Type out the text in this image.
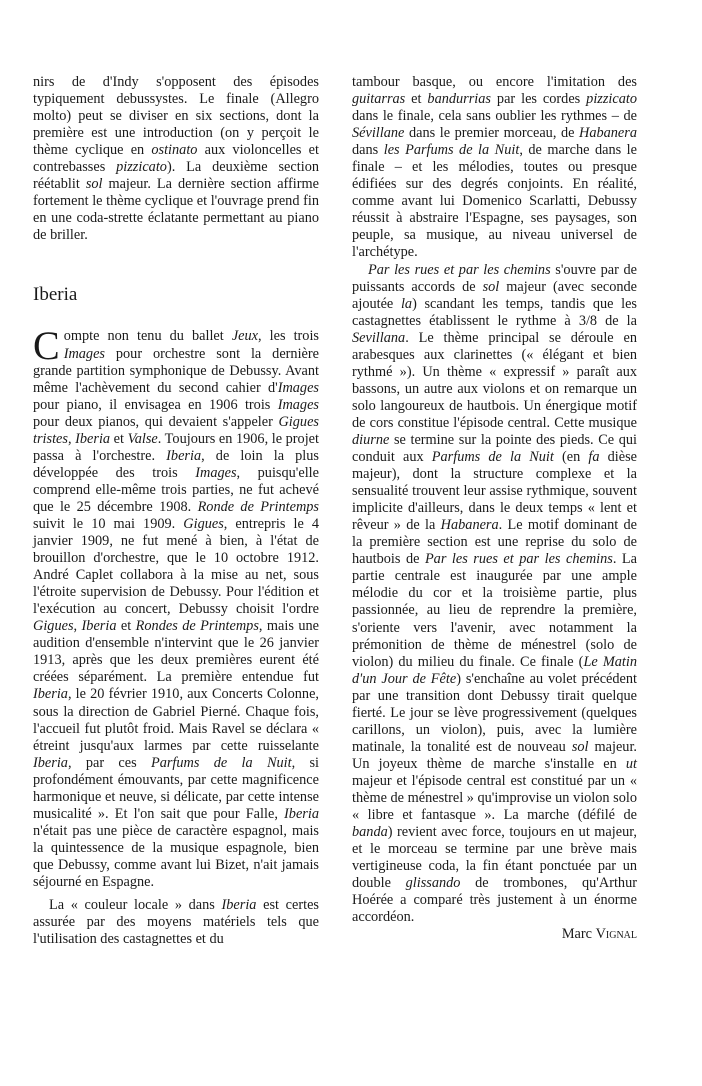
nirs de d'Indy s'opposent des épisodes typiquement debussystes. Le finale (Allegro molto) peut se diviser en six sections, dont la première est une introduction (on y perçoit le thème cyclique en ostinato aux violoncelles et contrebasses pizzicato). La deuxième section réétablit sol majeur. La dernière section affirme fortement le thème cyclique et l'ouvrage prend fin en une coda-strette éclatante permettant au piano de briller.

Iberia

Compte non tenu du ballet Jeux, les trois Images pour orchestre sont la dernière grande partition symphonique de Debussy. Avant même l'achèvement du second cahier d'Images pour piano, il envisagea en 1906 trois Images pour deux pianos, qui devaient s'appeler Gigues tristes, Iberia et Valse. Toujours en 1906, le projet passa à l'orchestre. Iberia, de loin la plus développée des trois Images, puisqu'elle comprend elle-même trois parties, ne fut achevé que le 25 décembre 1908. Ronde de Printemps suivit le 10 mai 1909. Gigues, entrepris le 4 janvier 1909, ne fut mené à bien, à l'état de brouillon d'orchestre, que le 10 octobre 1912. André Caplet collabora à la mise au net, sous l'étroite supervision de Debussy. Pour l'édition et l'exécution au concert, Debussy choisit l'ordre Gigues, Iberia et Rondes de Printemps, mais une audition d'ensemble n'intervint que le 26 janvier 1913, après que les deux premières eurent été créées séparément. La première entendue fut Iberia, le 20 février 1910, aux Concerts Colonne, sous la direction de Gabriel Pierné. Chaque fois, l'accueil fut plutôt froid. Mais Ravel se déclara « étreint jusqu'aux larmes par cette ruisselante Iberia, par ces Parfums de la Nuit, si profondément émouvants, par cette magnificence harmonique et neuve, si délicate, par cette intense musicalité ». Et l'on sait que pour Falle, Iberia n'était pas une pièce de caractère espagnol, mais la quintessence de la musique espagnole, bien que Debussy, comme avant lui Bizet, n'ait jamais séjourné en Espagne.

La « couleur locale » dans Iberia est certes assurée par des moyens matériels tels que l'utilisation des castagnettes et du

tambour basque, ou encore l'imitation des guitarras et bandurrias par les cordes pizzicato dans le finale, cela sans oublier les rythmes – de Sévillane dans le premier morceau, de Habanera dans les Parfums de la Nuit, de marche dans le finale – et les mélodies, toutes ou presque édifiées sur des degrés conjoints. En réalité, comme avant lui Domenico Scarlatti, Debussy réussit à abstraire l'Espagne, ses paysages, son peuple, sa musique, au niveau universel de l'archétype.

Par les rues et par les chemins s'ouvre par de puissants accords de sol majeur (avec seconde ajoutée la) scandant les temps, tandis que les castagnettes établissent le rythme à 3/8 de la Sevillana. Le thème principal se déroule en arabesques aux clarinettes (« élégant et bien rythmé »). Un thème « expressif » paraît aux bassons, un autre aux violons et on remarque un solo langoureux de hautbois. Un énergique motif de cors constitue l'épisode central. Cette musique diurne se termine sur la pointe des pieds. Ce qui conduit aux Parfums de la Nuit (en fa dièse majeur), dont la structure complexe et la sensualité trouvent leur assise rythmique, souvent implicite d'ailleurs, dans le deux temps « lent et rêveur » de la Habanera. Le motif dominant de la première section est une reprise du solo de hautbois de Par les rues et par les chemins. La partie centrale est inaugurée par une ample mélodie du cor et la troisième partie, plus passionnée, au lieu de reprendre la première, s'oriente vers l'avenir, avec notamment la prémonition de thème de ménestrel (solo de violon) du milieu du finale. Ce finale (Le Matin d'un Jour de Fête) s'enchaîne au volet précédent par une transition dont Debussy tirait quelque fierté. Le jour se lève progressivement (quelques carillons, un violon), puis, avec la lumière matinale, la tonalité est de nouveau sol majeur. Un joyeux thème de marche s'installe en ut majeur et l'épisode central est constitué par un « thème de ménestrel » qu'improvise un violon solo « libre et fantasque ». La marche (défilé de banda) revient avec force, toujours en ut majeur, et le morceau se termine par une brève mais vertigineuse coda, la fin étant ponctuée par un double glissando de trombones, qu'Arthur Hoérée a comparé très justement à un énorme accordéon.

Marc Vignal
